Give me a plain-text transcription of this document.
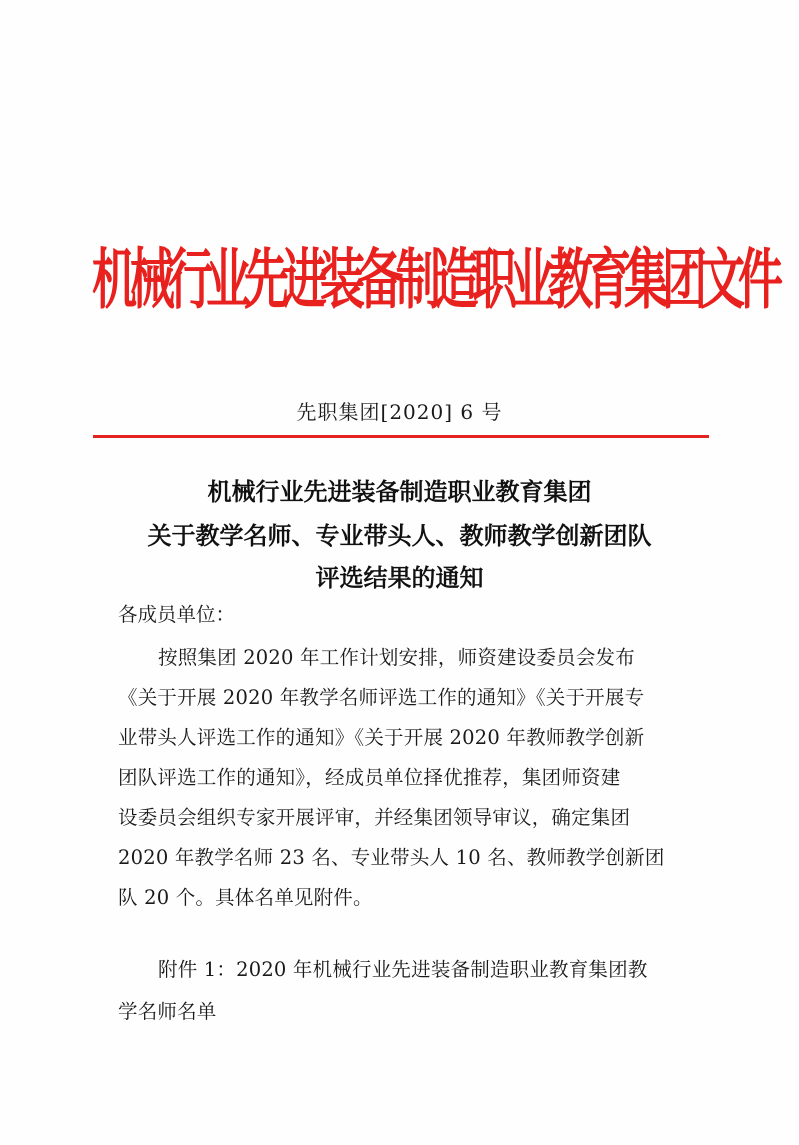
机械行业先进装备制造职业教育集团文件
先职集团[2020] 6 号
机械行业先进装备制造职业教育集团
关于教学名师、专业带头人、教师教学创新团队
评选结果的通知
各成员单位：
按照集团 2020 年工作计划安排，师资建设委员会发布
《关于开展 2020 年教学名师评选工作的通知》《关于开展专
业带头人评选工作的通知》《关于开展 2020 年教师教学创新
团队评选工作的通知》，经成员单位择优推荐，集团师资建
设委员会组织专家开展评审，并经集团领导审议，确定集团
2020 年教学名师 23 名、专业带头人 10 名、教师教学创新团
队 20 个。具体名单见附件。
附件 1：2020 年机械行业先进装备制造职业教育集团教
学名师名单
